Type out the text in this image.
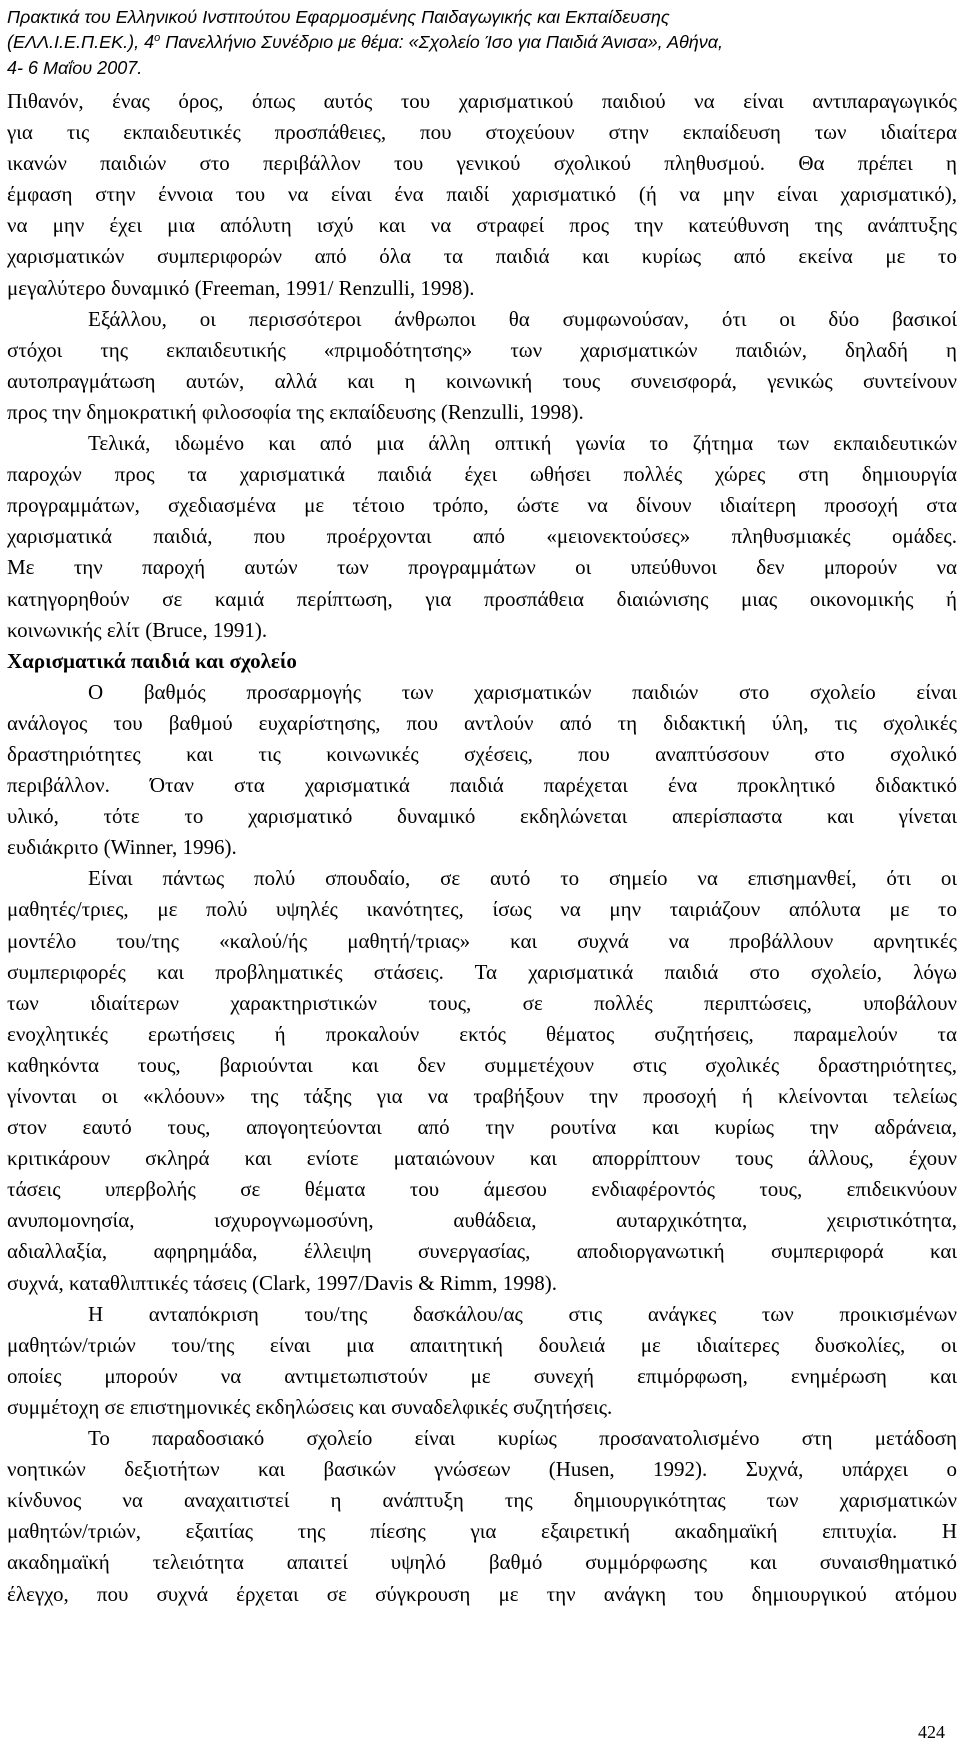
Πρακτικά του Ελληνικού Ινστιτούτου Εφαρμοσμένης Παιδαγωγικής και Εκπαίδευσης
(ΕΛΛ.Ι.Ε.Π.ΕΚ.), $4^o$ Πανελλήνιο Συνέδριο με θέμα: «Σχολείο Ίσο για Παιδιά Άνισα», Αθήνα,
4- 6 Μαΐου 2007.

Πιθανόν, ένας όρος, όπως αυτός του χαρισματικού παιδιού να είναι αντιπαραγωγικός
για τις εκπαιδευτικές προσπάθειες, που στοχεύουν στην εκπαίδευση των ιδιαίτερα
ικανών παιδιών στο περιβάλλον του γενικού σχολικού πληθυσμού. Θα πρέπει η
έμφαση στην έννοια του να είναι ένα παιδί χαρισματικό (ή να μην είναι χαρισματικό),
να μην έχει μια απόλυτη ισχύ και να στραφεί προς την κατεύθυνση της ανάπτυξης
χαρισματικών συμπεριφορών από όλα τα παιδιά και κυρίως από εκείνα με το
μεγαλύτερο δυναμικό (Freeman, 1991/ Renzulli, 1998).

Εξάλλου, οι περισσότεροι άνθρωποι θα συμφωνούσαν, ότι οι δύο βασικοί
στόχοι της εκπαιδευτικής «πριμοδότητσης» των χαρισματικών παιδιών, δηλαδή η
αυτοπραγμάτωση αυτών, αλλά και η κοινωνική τους συνεισφορά, γενικώς συντείνουν
προς την δημοκρατική φιλοσοφία της εκπαίδευσης (Renzulli, 1998).

Τελικά, ιδωμένο και από μια άλλη οπτική γωνία το ζήτημα των εκπαιδευτικών
παροχών προς τα χαρισματικά παιδιά έχει ωθήσει πολλές χώρες στη δημιουργία
προγραμμάτων, σχεδιασμένα με τέτοιο τρόπο, ώστε να δίνουν ιδιαίτερη προσοχή στα
χαρισματικά παιδιά, που προέρχονται από «μειονεκτούσες» πληθυσμιακές ομάδες.
Με την παροχή αυτών των προγραμμάτων οι υπεύθυνοι δεν μπορούν να
κατηγορηθούν σε καμιά περίπτωση, για προσπάθεια διαιώνισης μιας οικονομικής ή
κοινωνικής ελίτ (Bruce, 1991).

Χαρισματικά παιδιά και σχολείο

Ο βαθμός προσαρμογής των χαρισματικών παιδιών στο σχολείο είναι
ανάλογος του βαθμού ευχαρίστησης, που αντλούν από τη διδακτική ύλη, τις σχολικές
δραστηριότητες και τις κοινωνικές σχέσεις, που αναπτύσσουν στο σχολικό
περιβάλλον. Όταν στα χαρισματικά παιδιά παρέχεται ένα προκλητικό διδακτικό
υλικό, τότε το χαρισματικό δυναμικό εκδηλώνεται απερίσπαστα και γίνεται
ευδιάκριτο (Winner, 1996).

Είναι πάντως πολύ σπουδαίο, σε αυτό το σημείο να επισημανθεί, ότι οι
μαθητές/τριες, με πολύ υψηλές ικανότητες, ίσως να μην ταιριάζουν απόλυτα με το
μοντέλο του/της «καλού/ής μαθητή/τριας» και συχνά να προβάλλουν αρνητικές
συμπεριφορές και προβληματικές στάσεις. Τα χαρισματικά παιδιά στο σχολείο, λόγω
των ιδιαίτερων χαρακτηριστικών τους, σε πολλές περιπτώσεις, υποβάλουν
ενοχλητικές ερωτήσεις ή προκαλούν εκτός θέματος συζητήσεις, παραμελούν τα
καθηκόντα τους, βαριούνται και δεν συμμετέχουν στις σχολικές δραστηριότητες,
γίνονται οι «κλόουν» της τάξης για να τραβήξουν την προσοχή ή κλείνονται τελείως
στον εαυτό τους, απογοητεύονται από την ρουτίνα και κυρίως την αδράνεια,
κριτικάρουν σκληρά και ενίοτε ματαιώνουν και απορρίπτουν τους άλλους, έχουν
τάσεις υπερβολής σε θέματα του άμεσου ενδιαφέροντός τους, επιδεικνύουν
ανυπομονησία, ισχυρογνωμοσύνη, αυθάδεια, αυταρχικότητα, χειριστικότητα,
αδιαλλαξία, αφηρημάδα, έλλειψη συνεργασίας, αποδιοργανωτική συμπεριφορά και
συχνά, καταθλιπτικές τάσεις (Clark, 1997/Davis & Rimm, 1998).

Η ανταπόκριση του/της δασκάλου/ας στις ανάγκες των προικισμένων
μαθητών/τριών του/της είναι μια απαιτητική δουλειά με ιδιαίτερες δυσκολίες, οι
οποίες μπορούν να αντιμετωπιστούν με συνεχή επιμόρφωση, ενημέρωση και
συμμέτοχη σε επιστημονικές εκδηλώσεις και συναδελφικές συζητήσεις.

Το παραδοσιακό σχολείο είναι κυρίως προσανατολισμένο στη μετάδοση
νοητικών δεξιοτήτων και βασικών γνώσεων (Husen, 1992). Συχνά, υπάρχει ο
κίνδυνος να αναχαιτιστεί η ανάπτυξη της δημιουργικότητας των χαρισματικών
μαθητών/τριών, εξαιτίας της πίεσης για εξαιρετική ακαδημαϊκή επιτυχία. Η
ακαδημαϊκή τελειότητα απαιτεί υψηλό βαθμό συμμόρφωσης και συναισθηματικό
έλεγχο, που συχνά έρχεται σε σύγκρουση με την ανάγκη του δημιουργικού ατόμου

424
